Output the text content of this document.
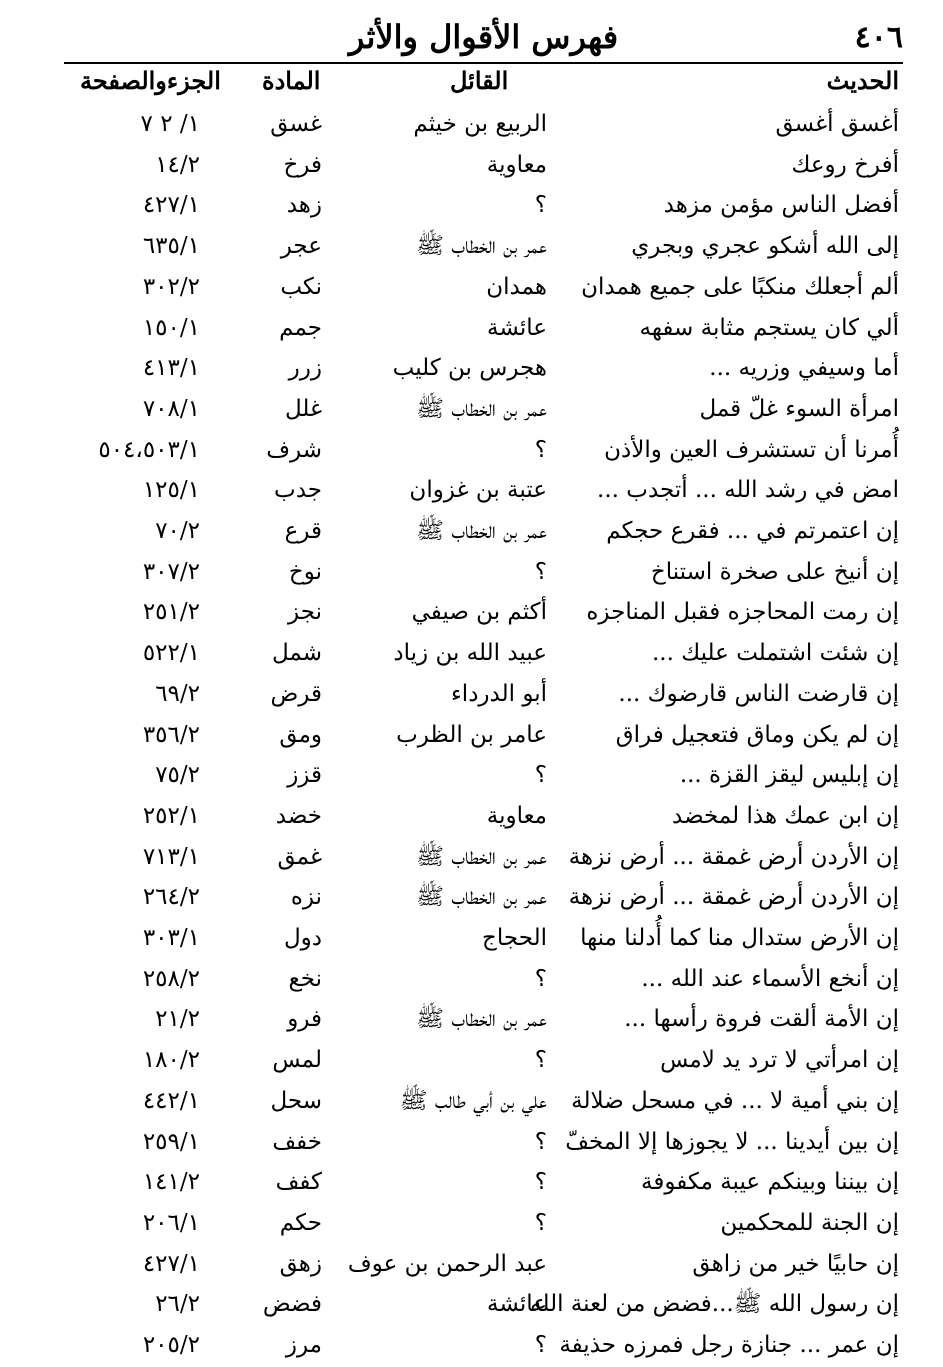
٤٠٦
فهرس الأقوال والأثر
الحديث
القائل
المادة
الجزءوالصفحة
أغسق أغسق
الربيع بن خيثم
غسق
١/ ٢ ٧
أفرخ روعك
معاوية
فرخ
١٤/٢
أفضل الناس مؤمن مزهد
؟
زهد
٤٢٧/١
إلى الله أشكو عجري وبجري
عمر بن الخطاب ﷺ
عجر
٦٣٥/١
ألم أجعلك منكبًا على جميع همدان
همدان
نكب
٣٠٢/٢
ألي كان يستجم مثابة سفهه
عائشة
جمم
١٥٠/١
أما وسيفي وزريه ...
هجرس بن كليب
زرر
٤١٣/١
امرأة السوء غلّ قمل
عمر بن الخطاب ﷺ
غلل
٧٠٨/١
أُمرنا أن تستشرف العين والأذن
؟
شرف
٥٠٤،٥٠٣/١
امض في رشد الله ... أتجدب ...
عتبة بن غزوان
جدب
١٢٥/١
إن اعتمرتم في ... فقرع حجكم
عمر بن الخطاب ﷺ
قرع
٧٠/٢
إن أنيخ على صخرة استناخ
؟
نوخ
٣٠٧/٢
إن رمت المحاجزه فقبل المناجزه
أكثم بن صيفي
نجز
٢٥١/٢
إن شئت اشتملت عليك ...
عبيد الله بن زياد
شمل
٥٢٢/١
إن قارضت الناس قارضوك ...
أبو الدرداء
قرض
٦٩/٢
إن لم يكن وماق فتعجيل فراق
عامر بن الظرب
ومق
٣٥٦/٢
إن إبليس ليقز القزة ...
؟
قزز
٧٥/٢
إن ابن عمك هذا لمخضد
معاوية
خضد
٢٥٢/١
إن الأردن أرض غمقة ... أرض نزهة
عمر بن الخطاب ﷺ
غمق
٧١٣/١
إن الأردن أرض غمقة ... أرض نزهة
عمر بن الخطاب ﷺ
نزه
٢٦٤/٢
إن الأرض ستدال منا كما أُدلنا منها
الحجاج
دول
٣٠٣/١
إن أنخع الأسماء عند الله ...
؟
نخع
٢٥٨/٢
إن الأمة ألقت فروة رأسها ...
عمر بن الخطاب ﷺ
فرو
٢١/٢
إن امرأتي لا ترد يد لامس
؟
لمس
١٨٠/٢
إن بني أمية لا ... في مسحل ضلالة
علي بن أبي طالب ﷺ
سحل
٤٤٢/١
إن بين أيدينا ... لا يجوزها إلا المخفّ
؟
خفف
٢٥٩/١
إن بيننا وبينكم عيبة مكفوفة
؟
كفف
١٤١/٢
إن الجنة للمحكمين
؟
حكم
٢٠٦/١
إن حابيًا خير من زاهق
عبد الرحمن بن عوف
زهق
٤٢٧/١
إن رسول الله ﷺ...فضض من لعنة الله
عائشة
فضض
٢٦/٢
إن عمر ... جنازة رجل فمرزه حذيفة
؟
مرز
٢٠٥/٢
